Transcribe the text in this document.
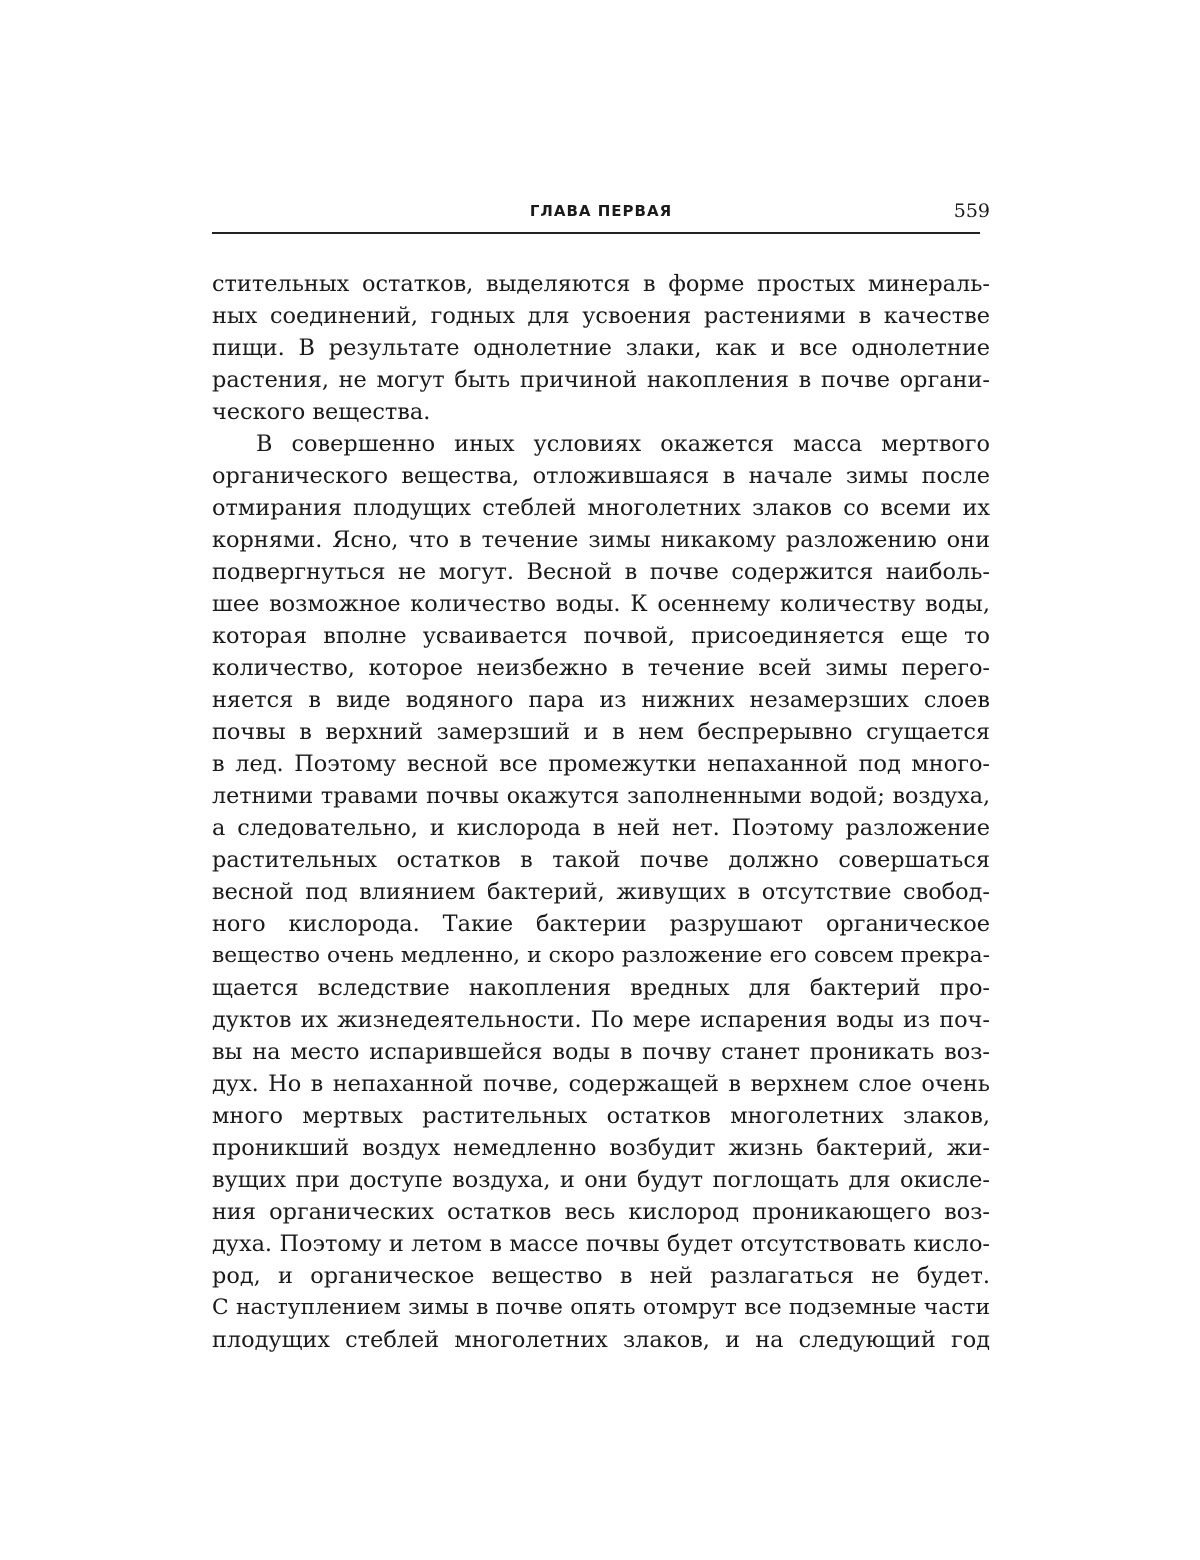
ГЛАВА ПЕРВАЯ	559
стительных остатков, выделяются в форме простых минераль-
ных соединений, годных для усвоения растениями в качестве
пищи. В результате однолетние злаки, как и все однолетние
растения, не могут быть причиной накопления в почве органи-
ческого вещества.
В совершенно иных условиях окажется масса мертвого
органического вещества, отложившаяся в начале зимы после
отмирания плодущих стеблей многолетних злаков со всеми их
корнями. Ясно, что в течение зимы никакому разложению они
подвергнуться не могут. Весной в почве содержится наиболь-
шее возможное количество воды. К осеннему количеству воды,
которая вполне усваивается почвой, присоединяется еще то
количество, которое неизбежно в течение всей зимы перего-
няется в виде водяного пара из нижних незамерзших слоев
почвы в верхний замерзший и в нем беспрерывно сгущается
в лед. Поэтому весной все промежутки непаханной под много-
летними травами почвы окажутся заполненными водой; воздуха,
а следовательно, и кислорода в ней нет. Поэтому разложение
растительных остатков в такой почве должно совершаться
весной под влиянием бактерий, живущих в отсутствие свобод-
ного кислорода. Такие бактерии разрушают органическое
вещество очень медленно, и скоро разложение его совсем прекра-
щается вследствие накопления вредных для бактерий про-
дуктов их жизнедеятельности. По мере испарения воды из поч-
вы на место испарившейся воды в почву станет проникать воз-
дух. Но в непаханной почве, содержащей в верхнем слое очень
много мертвых растительных остатков многолетних злаков,
проникший воздух немедленно возбудит жизнь бактерий, жи-
вущих при доступе воздуха, и они будут поглощать для окисле-
ния органических остатков весь кислород проникающего воз-
духа. Поэтому и летом в массе почвы будет отсутствовать кисло-
род, и органическое вещество в ней разлагаться не будет.
С наступлением зимы в почве опять отомрут все подземные части
плодущих стеблей многолетних злаков, и на следующий год
